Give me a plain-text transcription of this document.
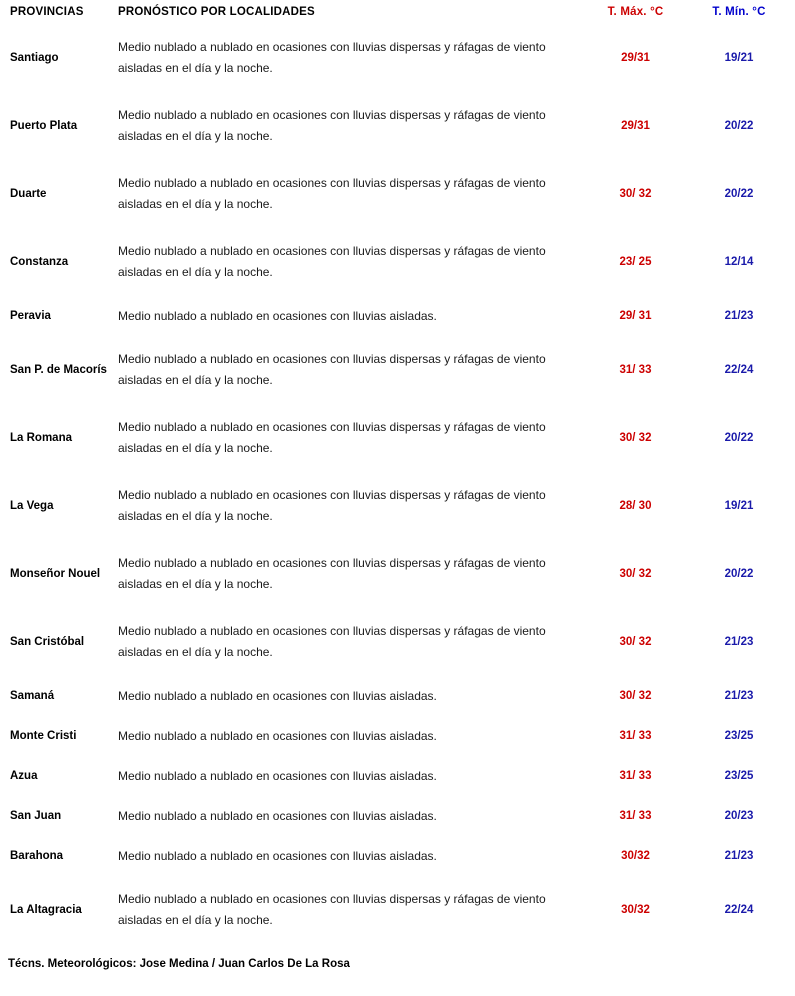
PROVINCIAS	PRONÓSTICO POR LOCALIDADES	T. Máx. °C	T. Mín. °C
Santiago	Medio nublado a nublado en ocasiones con lluvias dispersas y ráfagas de viento aisladas en el día y la noche.	29/31	19/21
Puerto Plata	Medio nublado a nublado en ocasiones con lluvias dispersas y ráfagas de viento aisladas en el día y la noche.	29/31	20/22
Duarte	Medio nublado a nublado en ocasiones con lluvias dispersas y ráfagas de viento aisladas en el día y la noche.	30/ 32	20/22
Constanza	Medio nublado a nublado en ocasiones con lluvias dispersas y ráfagas de viento aisladas en el día y la noche.	23/ 25	12/14
Peravia	Medio nublado a nublado en ocasiones con lluvias aisladas.	29/ 31	21/23
San P. de Macorís	Medio nublado a nublado en ocasiones con lluvias dispersas y ráfagas de viento aisladas en el día y la noche.	31/ 33	22/24
La Romana	Medio nublado a nublado en ocasiones con lluvias dispersas y ráfagas de viento aisladas en el día y la noche.	30/ 32	20/22
La Vega	Medio nublado a nublado en ocasiones con lluvias dispersas y ráfagas de viento aisladas en el día y la noche.	28/ 30	19/21
Monseñor Nouel	Medio nublado a nublado en ocasiones con lluvias dispersas y ráfagas de viento aisladas en el día y la noche.	30/ 32	20/22
San Cristóbal	Medio nublado a nublado en ocasiones con lluvias dispersas y ráfagas de viento aisladas en el día y la noche.	30/ 32	21/23
Samaná	Medio nublado a nublado en ocasiones con lluvias aisladas.	30/ 32	21/23
Monte Cristi	Medio nublado a nublado en ocasiones con lluvias aisladas.	31/ 33	23/25
Azua	Medio nublado a nublado en ocasiones con lluvias aisladas.	31/ 33	23/25
San Juan	Medio nublado a nublado en ocasiones con lluvias aisladas.	31/ 33	20/23
Barahona	Medio nublado a nublado en ocasiones con lluvias aisladas.	30/32	21/23
La Altagracia	Medio nublado a nublado en ocasiones con lluvias dispersas y ráfagas de viento aisladas en el día y la noche.	30/32	22/24
Técns. Meteorológicos: Jose Medina / Juan Carlos De La Rosa
